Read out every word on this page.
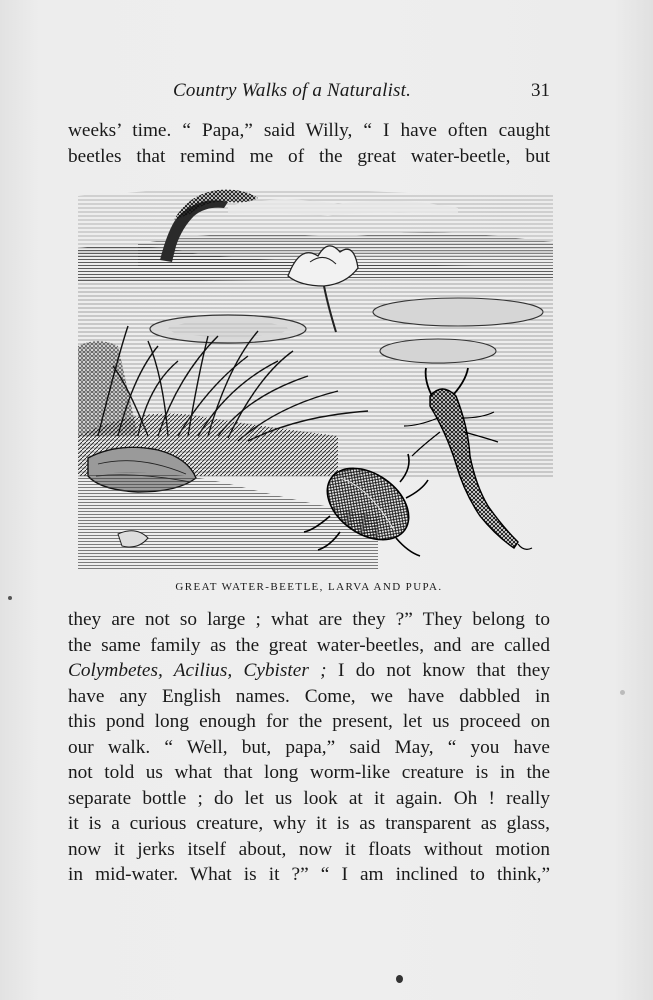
Country Walks of a Naturalist.	31
weeks’ time. “ Papa,” said Willy, “ I have often caught
beetles that remind me of the great water-beetle, but
GREAT WATER-BEETLE, LARVA AND PUPA.
they are not so large ; what are they ?” They belong to
the same family as the great water-beetles, and are called
Colymbetes, Acilius, Cybister ; I do not know that they
have any English names. Come, we have dabbled in
this pond long enough for the present, let us proceed on
our walk. “ Well, but, papa,” said May, “ you have
not told us what that long worm-like creature is in the
separate bottle ; do let us look at it again. Oh ! really
it is a curious creature, why it is as transparent as glass,
now it jerks itself about, now it floats without motion
in mid-water. What is it ?” “ I am inclined to think,”
